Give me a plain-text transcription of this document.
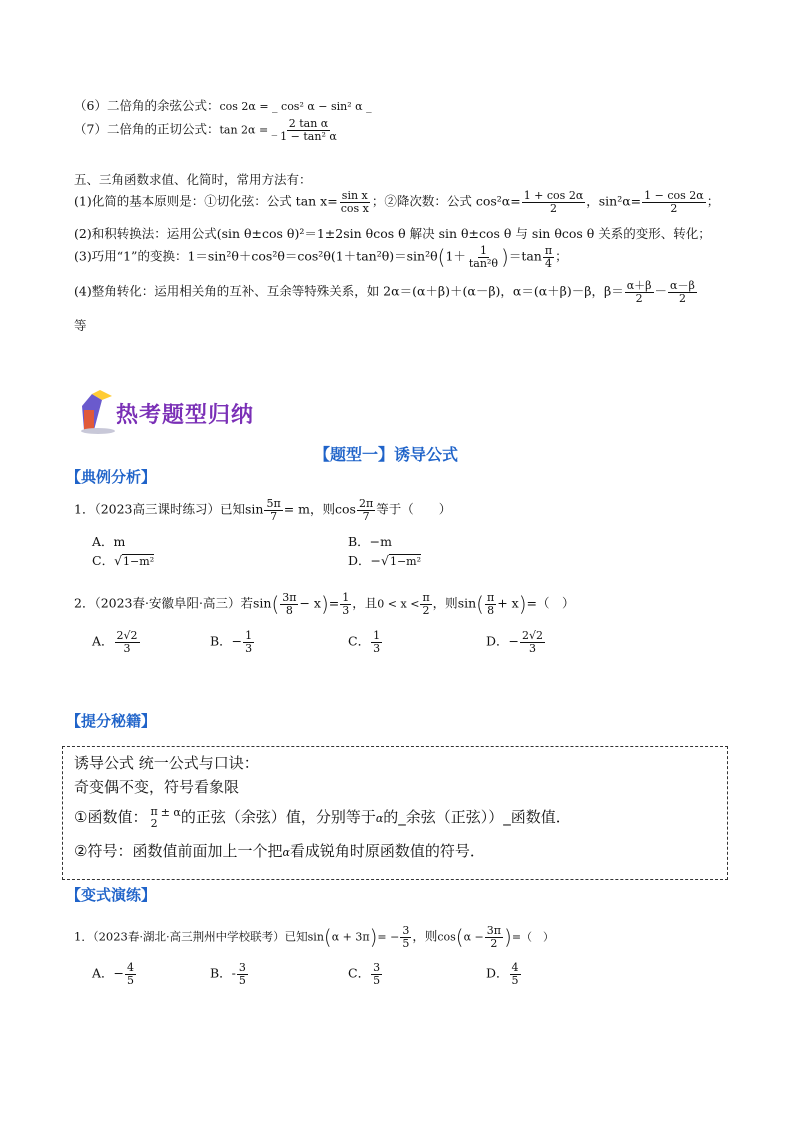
（6）二倍角的余弦公式：cos 2α = _ cos² α − sin² α _
（7）二倍角的正切公式：tan 2α = _ $\frac{\text{2 tan α}}{\text{1 − tan² α}}$
五、三角函数求值、化简时，常用方法有：
(1)化简的基本原则是：①切化弦：公式 $\tan x= \frac{\text{sin x}}{\text{cos x}}$ ；②降次数：公式 $\cos^2\alpha= \frac{1 + \cos 2\alpha}{2}$ ，$\sin^2\alpha= \frac{1 - \cos 2\alpha}{2}$ ；
(2)和积转换法：运用公式(sin θ±cos θ)²＝1±2sin θcos θ 解决 sin θ±cos θ 与 sin θcos θ 关系的变形、转化；
(3)巧用“1”的变换：$1=\sin^2\theta+\cos^2\theta=\cos^2\theta(1+\tan^2\theta)=\sin^2\theta(1+ \frac{1}{\text{tan²θ}} )=\tan \frac{\pi}{4}$ ；
(4)整角转化：运用相关角的互补、互余等特殊关系，如 2α＝(α＋β)＋(α－β)，α＝(α＋β)－β，$\beta= \frac{\alpha+\beta}{2} - \frac{\alpha-\beta}{2}$
等
热考题型归纳
【题型一】诱导公式
【典例分析】
1．（2023高三课时练习）已知$\sin \frac{5\pi}{7} = m$，则$\cos \frac{2\pi}{7}$ 等于（　　）
A．m	B．−m
C．√1−m²	D．−√1−m²
2．（2023春·安徽阜阳·高三）若$\sin( \frac{3\pi}{8} - x)= \frac{1}{3}$ ，且$0 < x < \frac{\pi}{2}$ ，则$\sin( \frac{\pi}{8} + x)=$（　）
A． $\frac{2√2}{3}$	B．− $\frac{1}{3}$	C． $\frac{1}{3}$	D．− $\frac{2√2}{3}$
【提分秘籍】
诱导公式 统一公式与口诀：
奇变偶不变，符号看象限
①函数值： π
2
$^{\pm \alpha}$的正弦（余弦）值，分别等于α的_余弦（正弦））_函数值．
②符号：函数值前面加上一个把α看成锐角时原函数值的符号．
【变式演练】
1．（2023春·湖北·高三荆州中学校联考）已知$\sin(\alpha + 3\pi)= - \frac{3}{5}$ ，则$\cos(\alpha - \frac{3\pi}{2}$ )=（　）
A．− $\frac{4}{5}$	B．- $\frac{3}{5}$	C． $\frac{3}{5}$	D． $\frac{4}{5}$
